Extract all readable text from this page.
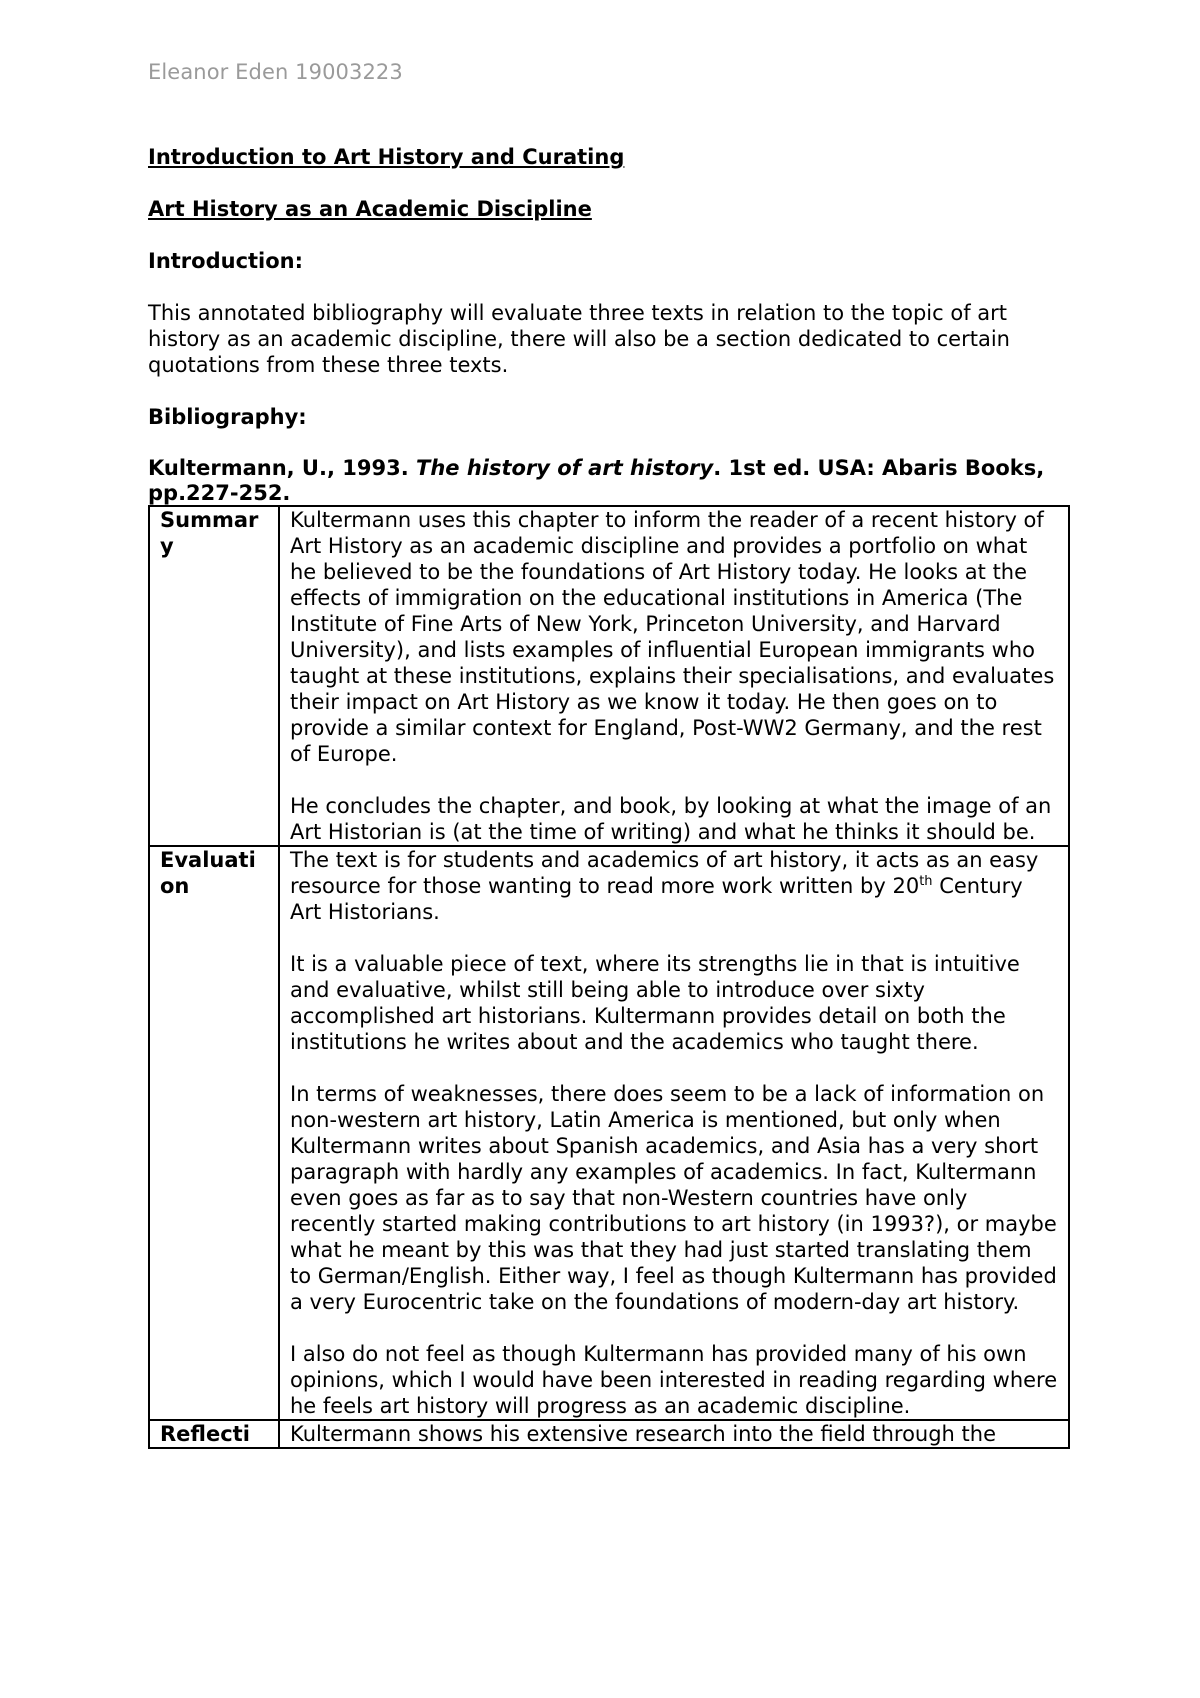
Eleanor Eden 19003223
Introduction to Art History and Curating
Art History as an Academic Discipline
Introduction:

This annotated bibliography will evaluate three texts in relation to the topic of art history as an academic discipline, there will also be a section dedicated to certain quotations from these three texts.

Bibliography:
Kultermann, U., 1993. The history of art history. 1st ed. USA: Abaris Books, pp.227-252.
Summary	Kultermann uses this chapter to inform the reader of a recent history of Art History as an academic discipline and provides a portfolio on what he believed to be the foundations of Art History today. He looks at the effects of immigration on the educational institutions in America (The Institute of Fine Arts of New York, Princeton University, and Harvard University), and lists examples of influential European immigrants who taught at these institutions, explains their specialisations, and evaluates their impact on Art History as we know it today. He then goes on to provide a similar context for England, Post-WW2 Germany, and the rest of Europe.

He concludes the chapter, and book, by looking at what the image of an Art Historian is (at the time of writing) and what he thinks it should be.

Evaluation	The text is for students and academics of art history, it acts as an easy resource for those wanting to read more work written by 20th Century Art Historians.

It is a valuable piece of text, where its strengths lie in that is intuitive and evaluative, whilst still being able to introduce over sixty accomplished art historians. Kultermann provides detail on both the institutions he writes about and the academics who taught there.

In terms of weaknesses, there does seem to be a lack of information on non-western art history, Latin America is mentioned, but only when Kultermann writes about Spanish academics, and Asia has a very short paragraph with hardly any examples of academics. In fact, Kultermann even goes as far as to say that non-Western countries have only recently started making contributions to art history (in 1993?), or maybe what he meant by this was that they had just started translating them to German/English. Either way, I feel as though Kultermann has provided a very Eurocentric take on the foundations of modern-day art history.

I also do not feel as though Kultermann has provided many of his own opinions, which I would have been interested in reading regarding where he feels art history will progress as an academic discipline.

Reflecti	Kultermann shows his extensive research into the field through the
